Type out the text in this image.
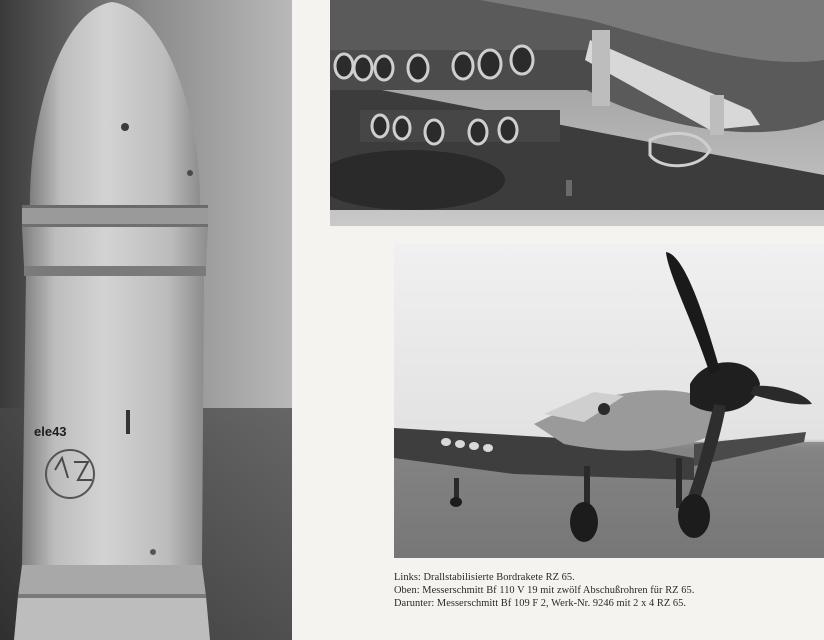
ele43
Links: Drallstabilisierte Bordrakete RZ 65.
Oben: Messerschmitt Bf 110 V 19 mit zwölf Abschußrohren für RZ 65.
Darunter: Messerschmitt Bf 109 F 2, Werk-Nr. 9246 mit 2 x 4 RZ 65.
